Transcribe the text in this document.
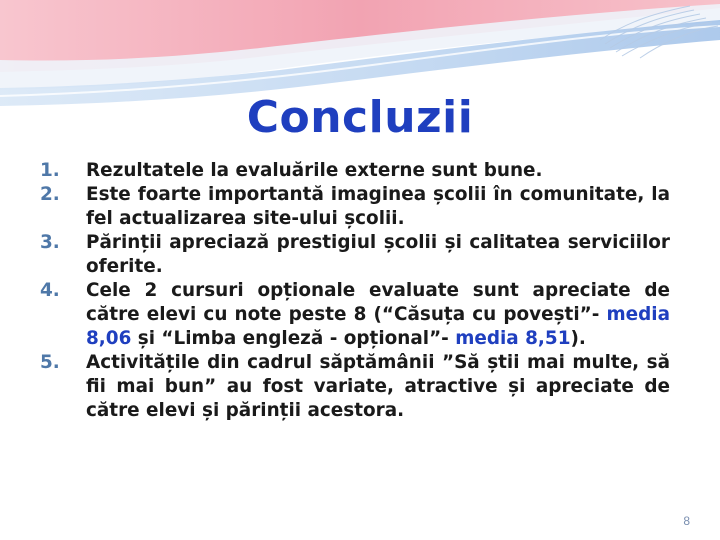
Concluzii
1.	Rezultatele la evaluările externe sunt bune.
2.	Este foarte importantă imaginea școlii în comunitate, la fel actualizarea site-ului școlii.
3.	Părinții apreciază prestigiul școlii și calitatea serviciilor oferite.
4.	Cele 2 cursuri opționale evaluate sunt apreciate de către elevi cu note peste 8 (“Căsuța cu povești”- media 8,06 și “Limba engleză - opțional”- media 8,51).
5.	Activitățile din cadrul săptămânii ”Să știi mai multe, să fii mai bun” au fost variate, atractive și apreciate de către elevi și părinții acestora.
8
